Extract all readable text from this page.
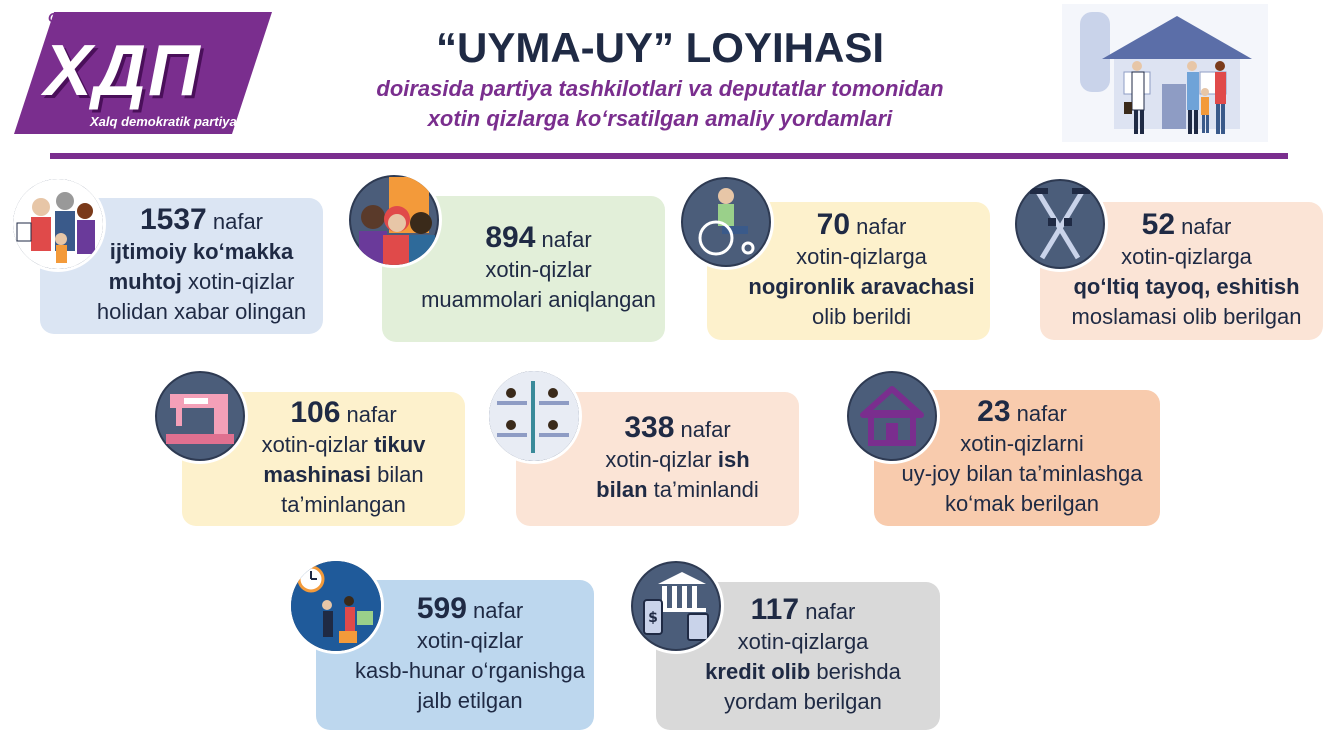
O‘zbekiston
ХДП
Xalq demokratik partiyasi
“UYMA-UY” LOYIHASI
doirasida partiya tashkilotlari va deputatlar tomonidan
xotin qizlarga ko‘rsatilgan amaliy yordamlari
1537 nafar
ijtimoiy ko‘makka
muhtoj xotin-qizlar
holidan xabar olingan
894 nafar
xotin-qizlar
muammolari aniqlangan
70 nafar
xotin-qizlarga
nogironlik aravachasi
olib berildi
52 nafar
xotin-qizlarga
qo‘ltiq tayoq, eshitish
moslamasi olib berilgan
106 nafar
xotin-qizlar tikuv
mashinasi bilan
ta’minlangan
338 nafar
xotin-qizlar ish
bilan ta’minlandi
23 nafar
xotin-qizlarni
uy-joy bilan ta’minlashga
ko‘mak berilgan
599 nafar
xotin-qizlar
kasb-hunar o‘rganishga
jalb etilgan
117 nafar
xotin-qizlarga
kredit olib berishda
yordam berilgan
$
